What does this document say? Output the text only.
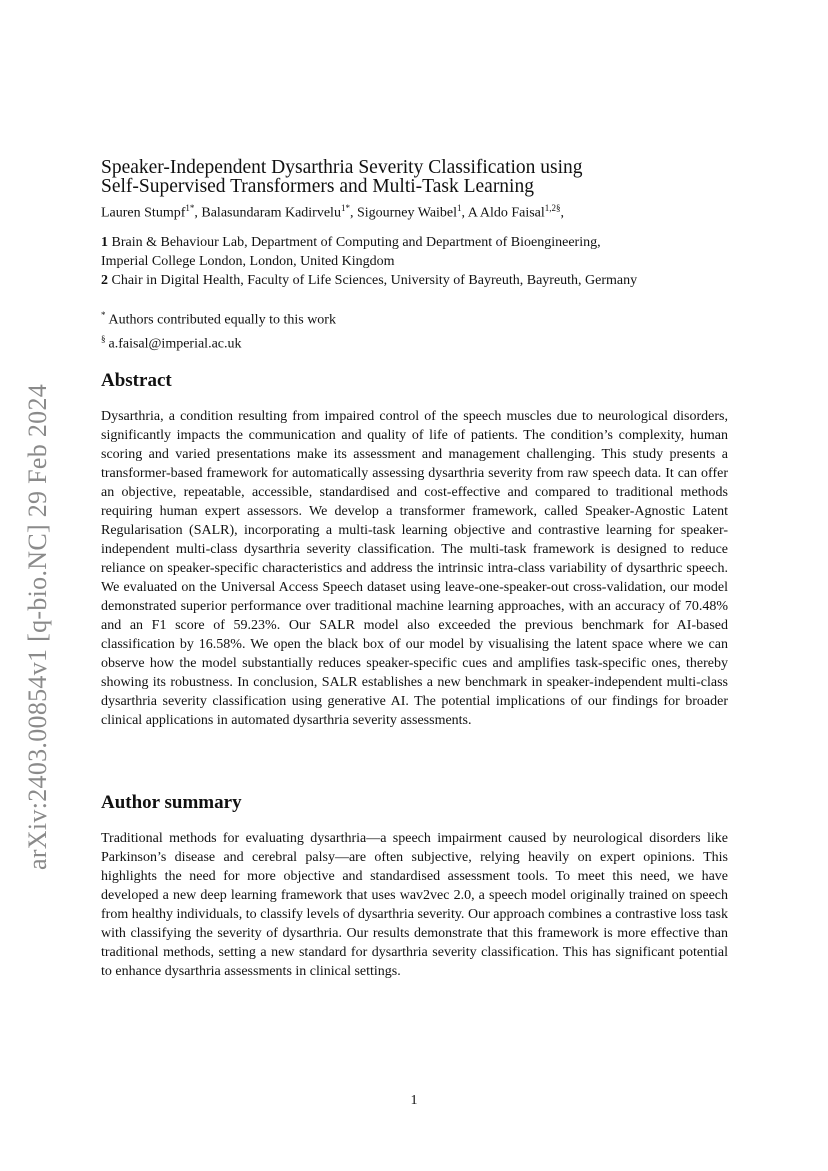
arXiv:2403.00854v1 [q-bio.NC] 29 Feb 2024
Speaker-Independent Dysarthria Severity Classification using
Self-Supervised Transformers and Multi-Task Learning
Lauren Stumpf$^{1*}$, Balasundaram Kadirvelu$^{1*}$, Sigourney Waibel$^1$, A Aldo Faisal$^{1,2\S}$,
1 Brain & Behaviour Lab, Department of Computing and Department of Bioengineering,
Imperial College London, London, United Kingdom
2 Chair in Digital Health, Faculty of Life Sciences, University of Bayreuth, Bayreuth, Germany
* Authors contributed equally to this work
§ a.faisal@imperial.ac.uk
Abstract
Dysarthria, a condition resulting from impaired control of the speech muscles due to neurological disorders, significantly impacts the communication and quality of life of patients. The condition’s complexity, human scoring and varied presentations make its assessment and management challenging. This study presents a transformer-based framework for automatically assessing dysarthria severity from raw speech data. It can offer an objective, repeatable, accessible, standardised and cost-effective and compared to traditional methods requiring human expert assessors. We develop a transformer framework, called Speaker-Agnostic Latent Regularisation (SALR), incorporating a multi-task learning objective and contrastive learning for speaker-independent multi-class dysarthria severity classification. The multi-task framework is designed to reduce reliance on speaker-specific characteristics and address the intrinsic intra-class variability of dysarthric speech. We evaluated on the Universal Access Speech dataset using leave-one-speaker-out cross-validation, our model demonstrated superior performance over traditional machine learning approaches, with an accuracy of 70.48% and an F1 score of 59.23%. Our SALR model also exceeded the previous benchmark for AI-based classification by 16.58%. We open the black box of our model by visualising the latent space where we can observe how the model substantially reduces speaker-specific cues and amplifies task-specific ones, thereby showing its robustness. In conclusion, SALR establishes a new benchmark in speaker-independent multi-class dysarthria severity classification using generative AI. The potential implications of our findings for broader clinical applications in automated dysarthria severity assessments.
Author summary
Traditional methods for evaluating dysarthria—a speech impairment caused by neurological disorders like Parkinson’s disease and cerebral palsy—are often subjective, relying heavily on expert opinions. This highlights the need for more objective and standardised assessment tools. To meet this need, we have developed a new deep learning framework that uses wav2vec 2.0, a speech model originally trained on speech from healthy individuals, to classify levels of dysarthria severity. Our approach combines a contrastive loss task with classifying the severity of dysarthria. Our results demonstrate that this framework is more effective than traditional methods, setting a new standard for dysarthria severity classification. This has significant potential to enhance dysarthria assessments in clinical settings.
1
